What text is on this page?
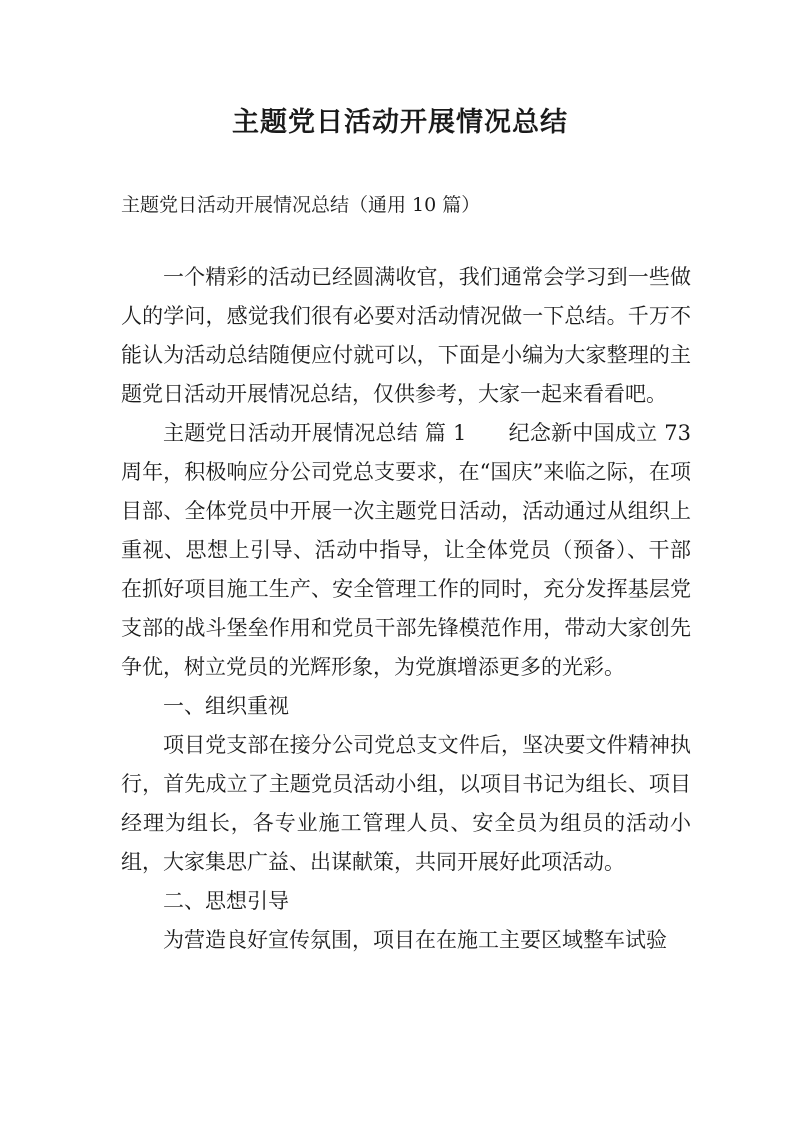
主题党日活动开展情况总结
主题党日活动开展情况总结（通用 10 篇）

一个精彩的活动已经圆满收官，我们通常会学习到一些做人的学问，感觉我们很有必要对活动情况做一下总结。千万不能认为活动总结随便应付就可以，下面是小编为大家整理的主题党日活动开展情况总结，仅供参考，大家一起来看看吧。

主题党日活动开展情况总结 篇 1 纪念新中国成立 73 周年，积极响应分公司党总支要求，在“国庆”来临之际，在项目部、全体党员中开展一次主题党日活动，活动通过从组织上重视、思想上引导、活动中指导，让全体党员（预备）、干部在抓好项目施工生产、安全管理工作的同时，充分发挥基层党支部的战斗堡垒作用和党员干部先锋模范作用，带动大家创先争优，树立党员的光辉形象，为党旗增添更多的光彩。

一、组织重视

项目党支部在接分公司党总支文件后，坚决要文件精神执行，首先成立了主题党员活动小组，以项目书记为组长、项目经理为组长，各专业施工管理人员、安全员为组员的活动小组，大家集思广益、出谋献策，共同开展好此项活动。

二、思想引导

为营造良好宣传氛围，项目在在施工主要区域整车试验
